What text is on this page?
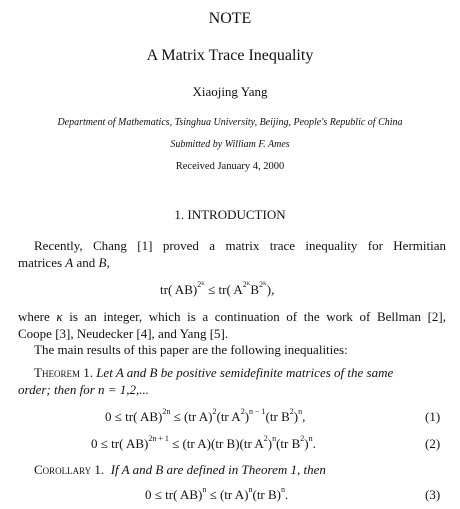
NOTE
A Matrix Trace Inequality
Xiaojing Yang
Department of Mathematics, Tsinghua University, Beijing, People's Republic of China
Submitted by William F. Ames
Received January 4, 2000
1. INTRODUCTION
Recently, Chang [1] proved a matrix trace inequality for Hermitian
matrices A and B,
tr( AB)$^{2ᴷ}$ ≤ tr( $A^{2ᴷ}B^{2ᴷ}$),
where κ is an integer, which is a continuation of the work of Bellman [2],
Coope [3], Neudecker [4], and Yang [5].
The main results of this paper are the following inequalities:
Theorem 1. Let A and B be positive semidefinite matrices of the same
order; then for n = 1,2,...
0 ≤ tr( AB)$^{2n}$ ≤ (tr A)$^2$(tr $A^2)^{n - 1}(tr$ $B^2)^n$,	(1)
0 ≤ tr( AB)$^{2n + 1}$ ≤ (tr A)(tr B)(tr $A^2)^n(tr$ $B^2)^n$.	(2)
Corollary 1. If A and B are defined in Theorem 1, then
0 ≤ tr( AB)$^n$ ≤ (tr A)$^n$(tr B)$^n$.	(3)
